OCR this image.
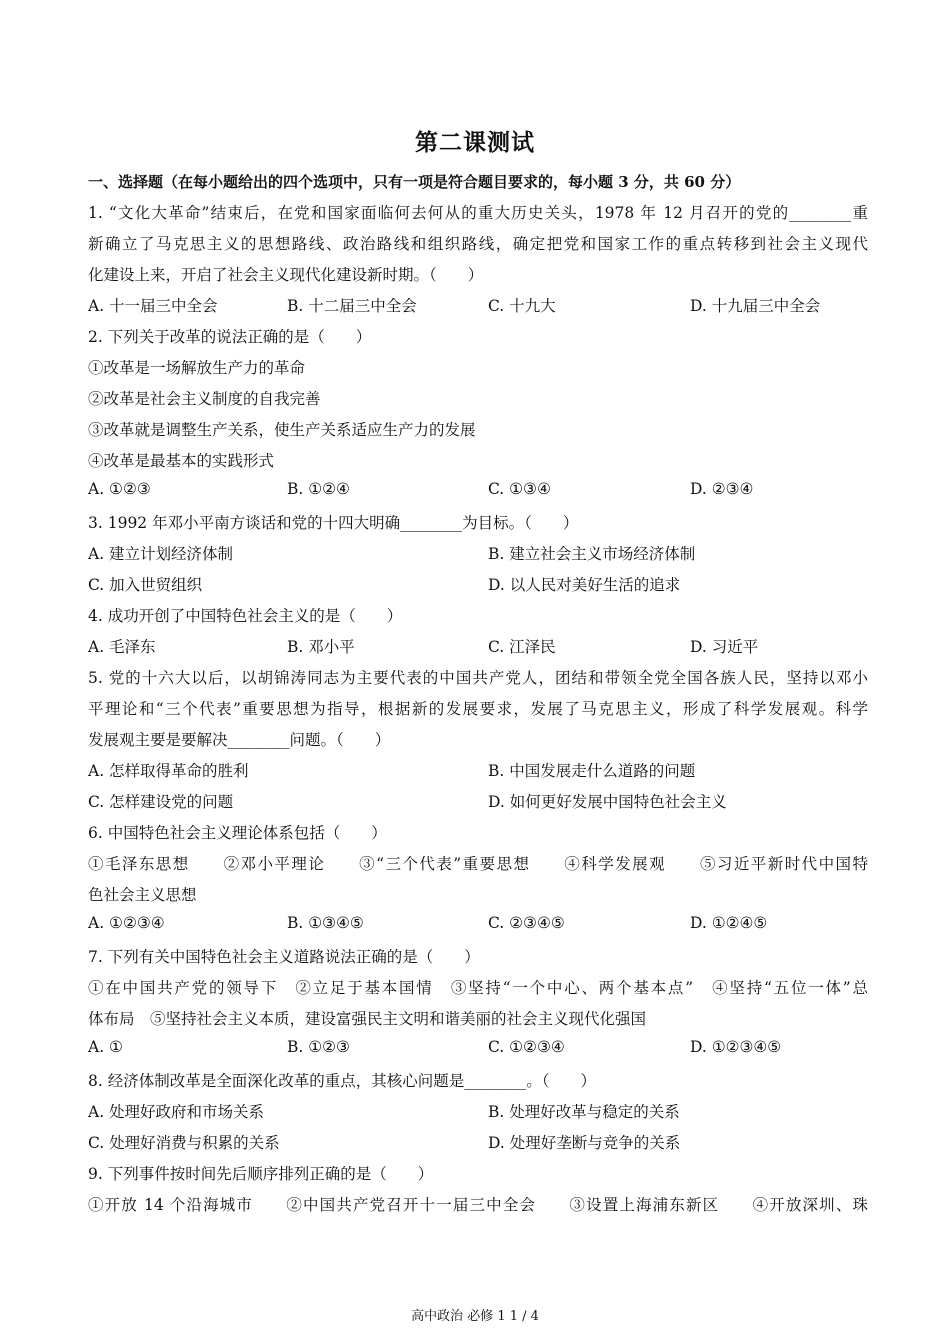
第二课测试
一、选择题（在每小题给出的四个选项中，只有一项是符合题目要求的，每小题 3 分，共 60 分）
1. “文化大革命”结束后，在党和国家面临何去何从的重大历史关头，1978 年 12 月召开的党的________重
新确立了马克思主义的思想路线、政治路线和组织路线，确定把党和国家工作的重点转移到社会主义现代
化建设上来，开启了社会主义现代化建设新时期。（　　）
A. 十一届三中全会	B. 十二届三中全会	C. 十九大	D. 十九届三中全会
2. 下列关于改革的说法正确的是（　　）
①改革是一场解放生产力的革命
②改革是社会主义制度的自我完善
③改革就是调整生产关系，使生产关系适应生产力的发展
④改革是最基本的实践形式
A. ①②③	B. ①②④	C. ①③④	D. ②③④
3. 1992 年邓小平南方谈话和党的十四大明确________为目标。（　　）
A. 建立计划经济体制	B. 建立社会主义市场经济体制
C. 加入世贸组织	D. 以人民对美好生活的追求
4. 成功开创了中国特色社会主义的是（　　）
A. 毛泽东	B. 邓小平	C. 江泽民	D. 习近平
5. 党的十六大以后，以胡锦涛同志为主要代表的中国共产党人，团结和带领全党全国各族人民，坚持以邓小
平理论和“三个代表”重要思想为指导，根据新的发展要求，发展了马克思主义，形成了科学发展观。科学
发展观主要是要解决________问题。（　　）
A. 怎样取得革命的胜利	B. 中国发展走什么道路的问题
C. 怎样建设党的问题	D. 如何更好发展中国特色社会主义
6. 中国特色社会主义理论体系包括（　　）
①毛泽东思想　　②邓小平理论　　③“三个代表”重要思想　　④科学发展观　　⑤习近平新时代中国特
色社会主义思想
A. ①②③④	B. ①③④⑤	C. ②③④⑤	D. ①②④⑤
7. 下列有关中国特色社会主义道路说法正确的是（　　）
①在中国共产党的领导下　②立足于基本国情　③坚持“一个中心、两个基本点”　④坚持“五位一体”总
体布局　⑤坚持社会主义本质，建设富强民主文明和谐美丽的社会主义现代化强国
A. ①	B. ①②③	C. ①②③④	D. ①②③④⑤
8. 经济体制改革是全面深化改革的重点，其核心问题是________。（　　）
A. 处理好政府和市场关系	B. 处理好改革与稳定的关系
C. 处理好消费与积累的关系	D. 处理好垄断与竞争的关系
9. 下列事件按时间先后顺序排列正确的是（　　）
①开放 14 个沿海城市　　②中国共产党召开十一届三中全会　　③设置上海浦东新区　　④开放深圳、珠
高中政治 必修 1 1 / 4
